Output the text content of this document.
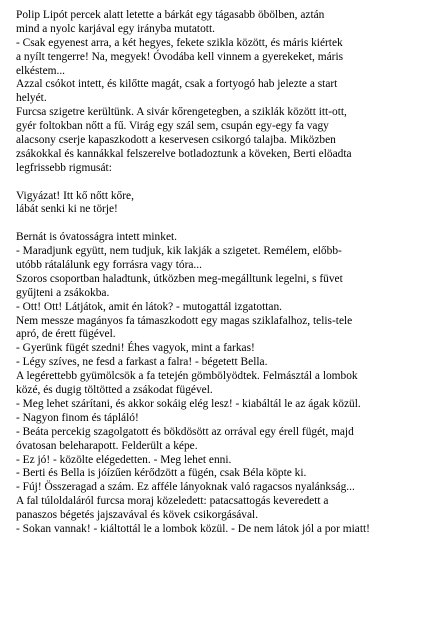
Polip Lipót percek alatt letette a bárkát egy tágasabb öbölben, aztán
mind a nyolc karjával egy irányba mutatott.
- Csak egyenest arra, a két hegyes, fekete szikla között, és máris kiértek
a nyílt tengerre! Na, megyek! Óvodába kell vinnem a gyerekeket, máris
elkéstem...
Azzal csókot intett, és kilőtte magát, csak a fortyogó hab jelezte a start
helyét.
Furcsa szigetre kerültünk. A sivár kőrengetegben, a sziklák között itt-ott,
gyér foltokban nőtt a fű. Virág egy szál sem, csupán egy-egy fa vagy
alacsony cserje kapaszkodott a keservesen csikorgó talajba. Miközben
zsákokkal és kannákkal felszerelve botladoztunk a köveken, Berti elöadta
legfrissebb rigmusát:
Vigyázat! Itt kő nőtt kőre,
lábát senki ki ne törje!
Bernát is óvatosságra intett minket.
- Maradjunk együtt, nem tudjuk, kik lakják a szigetet. Remélem, előbb-
utóbb rátalálunk egy forrásra vagy tóra...
Szoros csoportban haladtunk, útközben meg-megálltunk legelni, s füvet
gyűjteni a zsákokba.
- Ott! Ott! Látjátok, amit én látok? - mutogattál izgatottan.
Nem messze magányos fa támaszkodott egy magas sziklafalhoz, telis-tele
apró, de érett fügével.
- Gyerünk fügét szedni! Éhes vagyok, mint a farkas!
- Légy szíves, ne fesd a farkast a falra! - bégetett Bella.
A legérettebb gyümölcsök a fa tetején gömbölyödtek. Felmásztál a lombok
közé, és dugig töltötted a zsákodat fügével.
- Meg lehet szárítani, és akkor sokáig elég lesz! - kiabáltál le az ágak közül.
- Nagyon finom és tápláló!
- Beáta percekig szagolgatott és bökdösött az orrával egy érell fügét, majd
óvatosan beleharapott. Felderült a képe.
- Ez jó! - közölte elégedetten. - Meg lehet enni.
- Berti és Bella is jóízűen kérődzött a fügén, csak Béla köpte ki.
- Fúj! Összeragad a szám. Ez afféle lányoknak való ragacsos nyalánkság...
A fal túloldaláról furcsa moraj közeledett: patacsattogás keveredett a
panaszos bégetés jajszavával és kövek csikorgásával.
- Sokan vannak! - kiáltottál le a lombok közül. - De nem látok jól a por miatt!
